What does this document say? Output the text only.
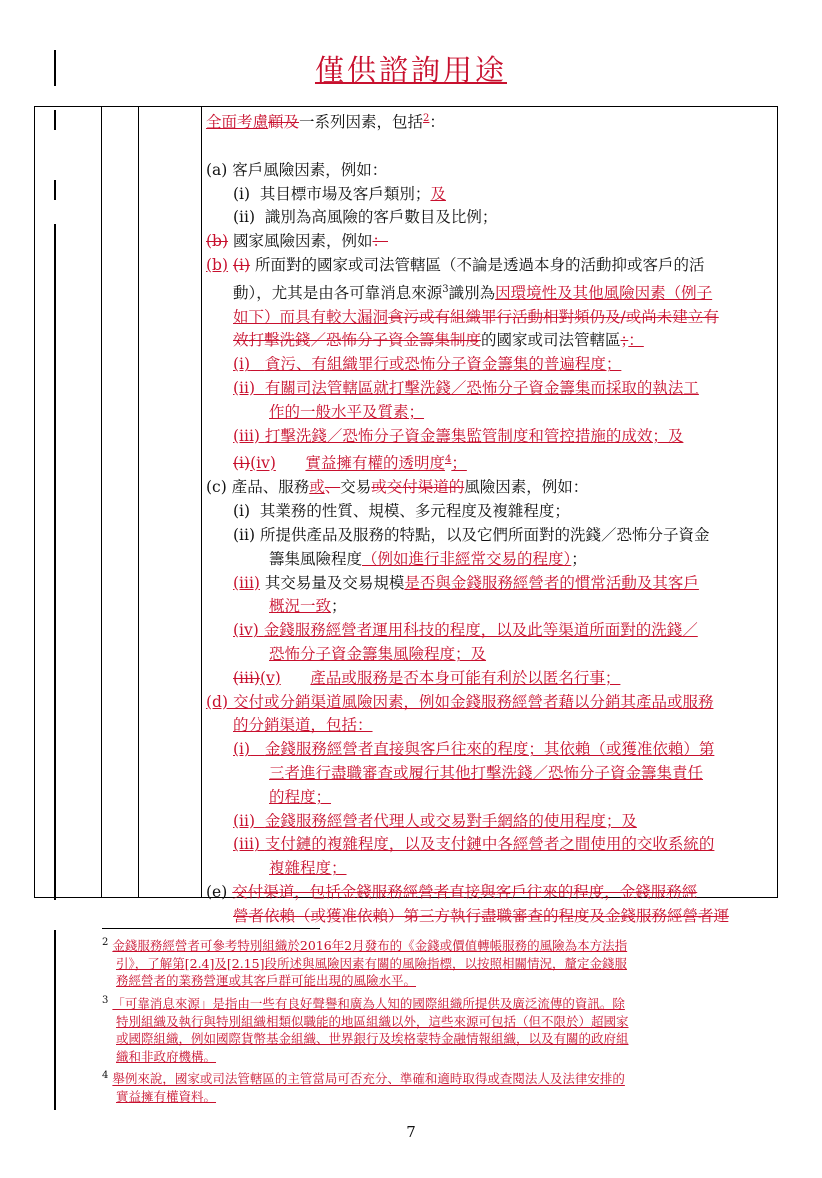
僅供諮詢用途

全面考慮顧及一系列因素，包括$^2$：

(a) 客戶風險因素，例如：

(i) 其目標市場及客戶類別；及

(ii) 識別為高風險的客戶數目及比例；

(b) 國家風險因素，例如：

(b) (i) 所面對的國家或司法管轄區（不論是透過本身的活動抑或客戶的活

動），尤其是由各可靠消息來源$^3$識別為因環境性及其他風險因素（例子

如下）而具有較大漏洞貪污或有組織罪行活動相對頻仍及/或尚未建立有

效打擊洗錢／恐怖分子資金籌集制度的國家或司法管轄區；：

(i) 貪污、有組織罪行或恐怖分子資金籌集的普遍程度；

(ii) 有關司法管轄區就打擊洗錢／恐怖分子資金籌集而採取的執法工

作的一般水平及質素；

(iii) 打擊洗錢／恐怖分子資金籌集監管制度和管控措施的成效；及

(i)(iv) 實益擁有權的透明度$^4$；

(c) 產品、服務或、交易或交付渠道的風險因素，例如：

(i) 其業務的性質、規模、多元程度及複雜程度；

(ii) 所提供產品及服務的特點，以及它們所面對的洗錢／恐怖分子資金

籌集風險程度（例如進行非經常交易的程度）；

(iii) 其交易量及交易規模是否與金錢服務經營者的慣常活動及其客戶

概況一致；

(iv) 金錢服務經營者運用科技的程度，以及此等渠道所面對的洗錢／

恐怖分子資金籌集風險程度；及

(iii)(v) 產品或服務是否本身可能有利於以匿名行事；

(d) 交付或分銷渠道風險因素，例如金錢服務經營者藉以分銷其產品或服務

的分銷渠道，包括：

(i) 金錢服務經營者直接與客戶往來的程度；其依賴（或獲准依賴）第

三者進行盡職審查或履行其他打擊洗錢／恐怖分子資金籌集責任

的程度；

(ii) 金錢服務經營者代理人或交易對手網絡的使用程度；及

(iii) 支付鏈的複雜程度，以及支付鏈中各經營者之間使用的交收系統的

複雜程度；

(e) 交付渠道，包括金錢服務經營者直接與客戶往來的程度，金錢服務經

營者依賴（或獲准依賴）第三方執行盡職審查的程度及金錢服務經營者運

$^2$ 金錢服務經營者可參考特別組織於2016年2月發布的《金錢或價值轉帳服務的風險為本方法指
引》，了解第[2.4]及[2.15]段所述與風險因素有關的風險指標，以按照相關情況，釐定金錢服
務經營者的業務營運或其客戶群可能出現的風險水平。
$^3$ 「可靠消息來源」是指由一些有良好聲譽和廣為人知的國際組織所提供及廣泛流傳的資訊。除
特別組織及執行與特別組織相類似職能的地區組織以外，這些來源可包括（但不限於）超國家
或國際組織，例如國際貨幣基金組織、世界銀行及埃格蒙特金融情報組織，以及有關的政府組
織和非政府機構。
$^4$ 舉例來說，國家或司法管轄區的主管當局可否充分、準確和適時取得或查閱法人及法律安排的
實益擁有權資料。
7
